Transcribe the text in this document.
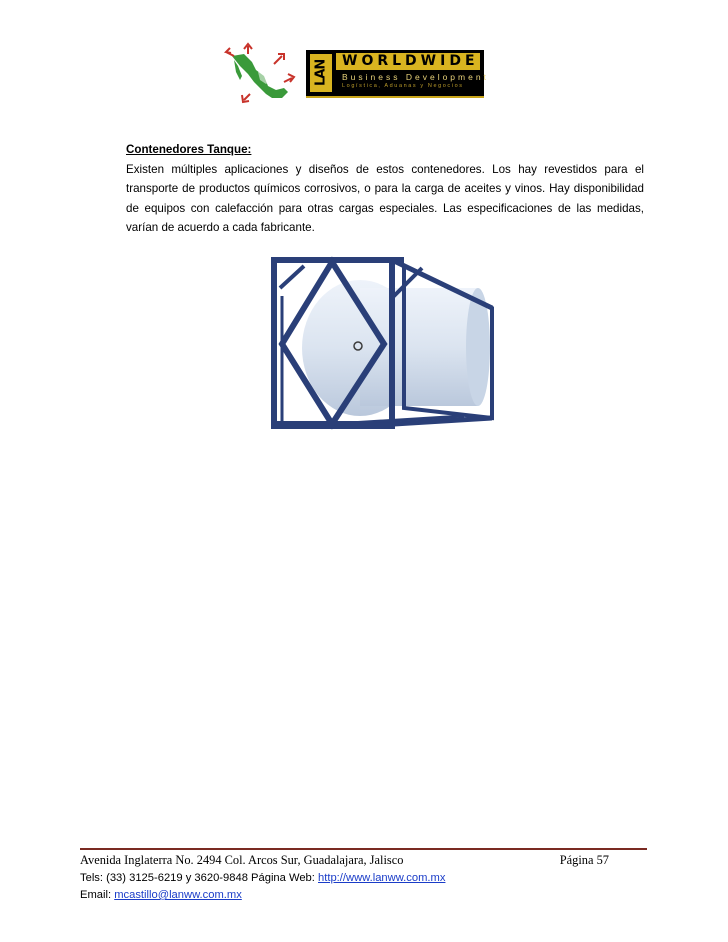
LAN WORLDWIDE
Business Development
Logística, Aduanas y Negocios

Contenedores Tanque:

Existen múltiples aplicaciones y diseños de estos contenedores. Los hay revestidos para el transporte de productos químicos corrosivos, o para la carga de aceites y vinos. Hay disponibilidad de equipos con calefacción para otras cargas especiales. Las especificaciones de las medidas, varían de acuerdo a cada fabricante.

Avenida Inglaterra No. 2494 Col. Arcos Sur, Guadalajara, Jalisco	Página 57
Tels: (33) 3125-6219 y 3620-9848 Página Web: http://www.lanww.com.mx
Email: mcastillo@lanww.com.mx
